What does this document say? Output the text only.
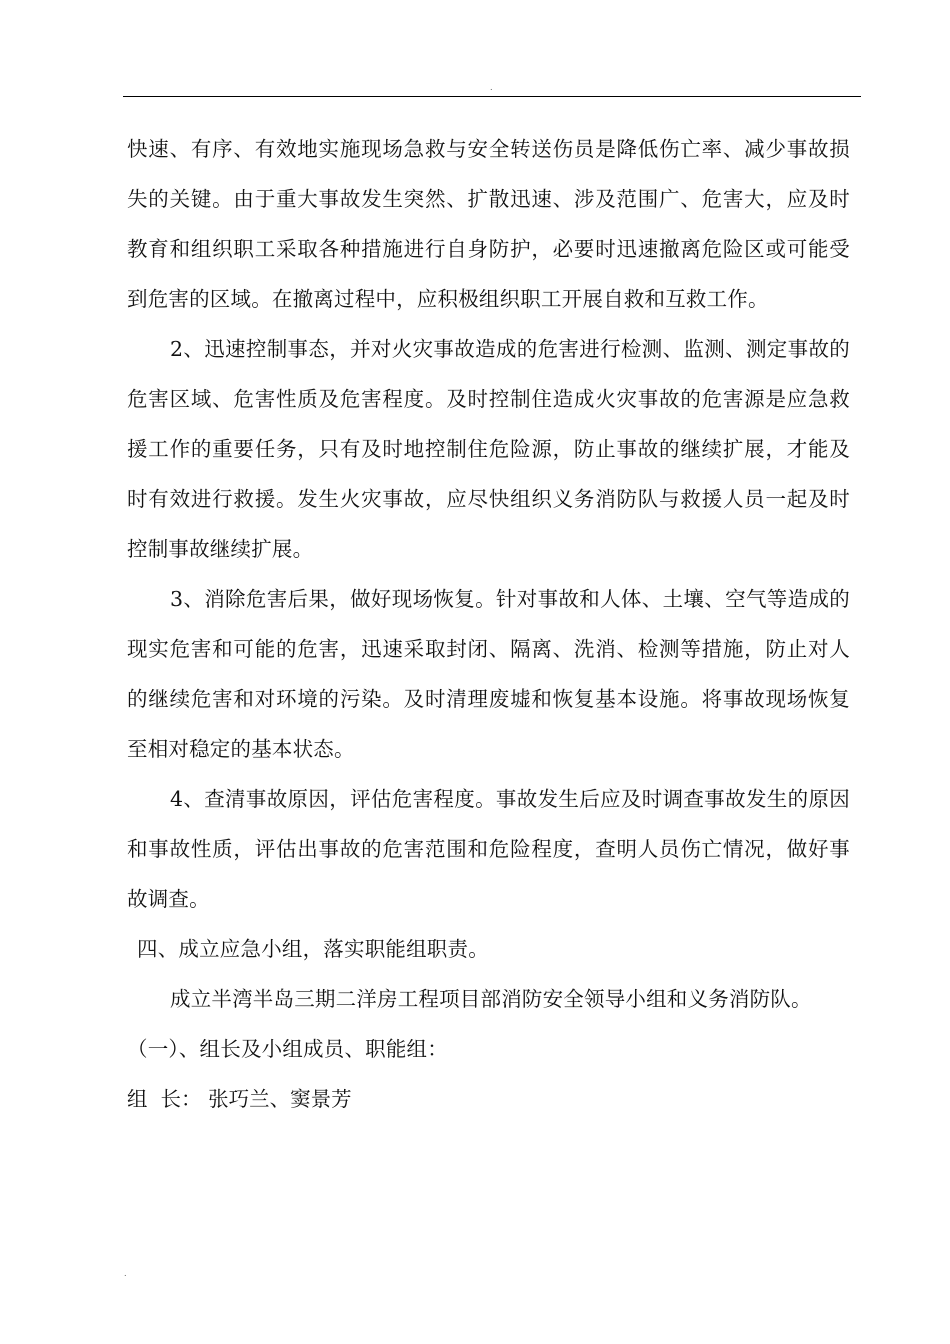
.

快速、有序、有效地实施现场急救与安全转送伤员是降低伤亡率、减少事故损失的关键。由于重大事故发生突然、扩散迅速、涉及范围广、危害大，应及时教育和组织职工采取各种措施进行自身防护，必要时迅速撤离危险区或可能受到危害的区域。在撤离过程中，应积极组织职工开展自救和互救工作。

2、迅速控制事态，并对火灾事故造成的危害进行检测、监测、测定事故的危害区域、危害性质及危害程度。及时控制住造成火灾事故的危害源是应急救援工作的重要任务，只有及时地控制住危险源，防止事故的继续扩展，才能及时有效进行救援。发生火灾事故，应尽快组织义务消防队与救援人员一起及时控制事故继续扩展。

3、消除危害后果，做好现场恢复。针对事故和人体、土壤、空气等造成的现实危害和可能的危害，迅速采取封闭、隔离、洗消、检测等措施，防止对人的继续危害和对环境的污染。及时清理废墟和恢复基本设施。将事故现场恢复至相对稳定的基本状态。

4、查清事故原因，评估危害程度。事故发生后应及时调查事故发生的原因和事故性质，评估出事故的危害范围和危险程度，查明人员伤亡情况，做好事故调查。

四、成立应急小组，落实职能组职责。

成立半湾半岛三期二洋房工程项目部消防安全领导小组和义务消防队。

（一）、组长及小组成员、职能组：

组  长： 张巧兰、窦景芳
.
